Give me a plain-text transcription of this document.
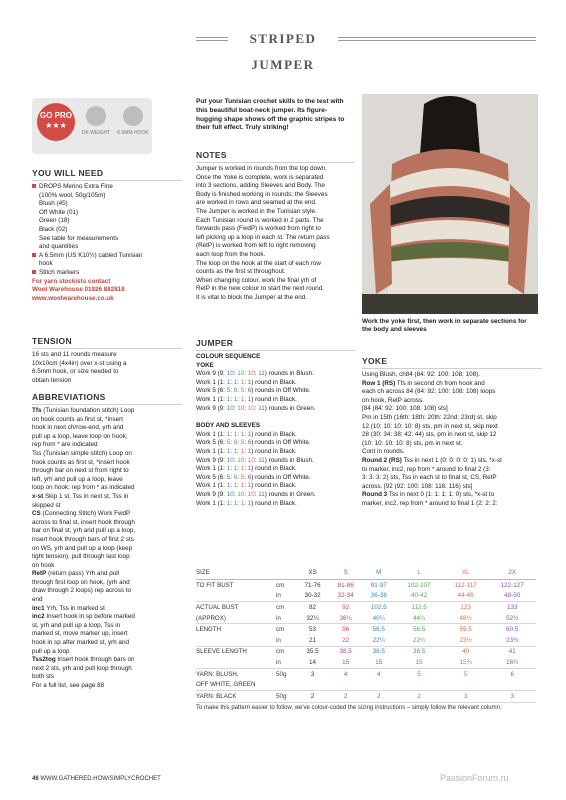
STRIPED JUMPER
GO PRO
★★★
DK WEIGHT	6.5MM HOOK
YOU WILL NEED
DROPS Merino Extra Fine
(100% wool, 50g/105m)
Blush (45)
Off White (01)
Green (18)
Black (02)
See table for measurements
and quantities
A 6.5mm (US K10½) cabled Tunisian
hook
Stitch markers
For yarn stockists contact
Wool Warehouse 01926 882818
www.woolwarehouse.co.uk
TENSION
16 sts and 11 rounds measure
10x10cm (4x4in) over x-st using a
6.5mm hook, or size needed to
obtain tension
ABBREVIATIONS
Tfs (Tunisian foundation stitch) Loop
on hook counts as first st, *insert
hook in next ch/row-end, yrh and
pull up a loop, leave loop on hook;
rep from * are indicated
Tss (Tunisian simple stitch) Loop on
hook counts as first st, *insert hook
through bar on next st from right to
left, yrh and pull up a loop, leave
loop on hook; rep from * as indicated
x-st Skip 1 st, Tss in next st, Tss in
skipped st
CS (Connecting Stitch) Work FwdP
across to final st, insert hook through
bar on final st, yrh and pull up a loop,
insert hook through bars of first 2 sts
on WS, yrh and pull up a loop (keep
tight tension), pull through last loop
on hook
RetP (return pass) Yrh and pull
through first loop on hook, (yrh and
draw through 2 loops) rep across to
end
inc1 Yrh, Tss in marked st
inc2 Insert hook in sp before marked
st, yrh and pull up a loop, Tss in
marked st, move marker up, insert
hook in sp after marked st, yrh and
pull up a loop
Tss2tog Insert hook through bars on
next 2 sts, yrh and pull loop through
both sts
For a full list, see page 88
Put your Tunisian crochet skills to the test with this beautiful boat-neck jumper. Its figure-hugging shape shows off the graphic stripes to their full effect. Truly striking!
NOTES
Jumper is worked in rounds from the top down.
Once the Yoke is complete, work is separated
into 3 sections, adding Sleeves and Body. The
Body is finished working in rounds; the Sleeves
are worked in rows and seamed at the end.
The Jumper is worked in the Tunisian style.
Each Tunisian round is worked in 2 parts. The
forwards pass (FwdP) is worked from right to
left picking up a loop in each st. The return pass
(RetP) is worked from left to right removing
each loop from the hook.
The loop on the hook at the start of each row
counts as the first st throughout.
When changing colour, work the final yrh of
RetP in the new colour to start the next round.
It is vital to block the Jumper at the end.
JUMPER
COLOUR SEQUENCE
YOKE
Work 9 (9: 10: 10: 10: 11) rounds in Blush.
Work 1 (1: 1: 1: 1: 1) round in Black.
Work 5 (6: 5: 6: 5: 6) rounds in Off White.
Work 1 (1: 1: 1: 1: 1) round in Black.
Work 9 (9: 10: 10: 10: 11) rounds in Green.
BODY AND SLEEVES
Work 1 (1: 1: 1: 1: 1) round in Black.
Work 5 (6: 5: 6: 5: 6) rounds in Off White.
Work 1 (1: 1: 1: 1: 1) round in Black.
Work 9 (9: 10: 10: 10: 11) rounds in Blush.
Work 1 (1: 1: 1: 1: 1) round in Black.
Work 5 (6: 5: 6: 5: 6) rounds in Off White.
Work 1 (1: 1: 1: 1: 1) round in Black.
Work 9 (9: 10: 10: 10: 11) rounds in Green.
Work 1 (1: 1: 1: 1: 1) round in Black.
Work the yoke first, then work in separate sections for the body and sleeves
YOKE
Using Blush, ch84 (84: 92: 100: 108: 108).
Row 1 (RS) Tfs in second ch from hook and
each ch across 84 (84: 92: 100: 108: 108) loops
on hook, RetP across.
[84 (84: 92: 100: 108: 108) sts]
Pm in 15th (16th: 18th: 20th: 22nd: 23rd) st, skip
12 (10: 10: 10: 10: 8) sts, pm in next st, skip next
28 (30: 34: 38: 42: 44) sts, pm in next st, skip 12
(10: 10: 10: 10: 8) sts, pm in next st.
Cont in rounds.
Round 2 (RS) Tss in next 1 (0: 0: 0: 0: 1) sts, *x-st
to marker, inc2, rep from * around to final 2 (3:
3: 3: 3: 2) sts, Tss in each st to final st, CS, RetP
across. [92 (92: 100: 108: 116: 116) sts]
Round 3 Tss in next 0 (1: 1: 1: 1: 0) sts, *x-st to
marker, inc2, rep from * around to final 1 (2: 2: 2:
SIZE		XS	S	M	L	XL	2X
TO FIT BUST	cm	71-76	81-86	91-97	102-107	112-117	122-127
	in	30-32	32-34	36-38	40-42	44-46	48-50
ACTUAL BUST	cm	82	92	102.5	112.5	123	133
(APPROX)	in	32¼	36¼	40¼	44¼	48½	52½
LENGTH	cm	53	56	56.5	56.5	59.5	60.5
	in	21	22	22¼	22¼	23½	23¾
SLEEVE LENGTH	cm	35.5	38.5	38.5	38.5	40	41
	in	14	15	15	15	15¾	16¼
YARN: BLUSH,	50g	3	4	4	5	5	6
OFF WHITE, GREEN							
YARN: BLACK	50g	2	2	2	2	3	3
To make this pattern easier to follow, we've colour-coded the sizing instructions – simply follow the relevant column.
46 WWW.GATHERED.HOW/SIMPLYCROCHET	PassionForum.ru
